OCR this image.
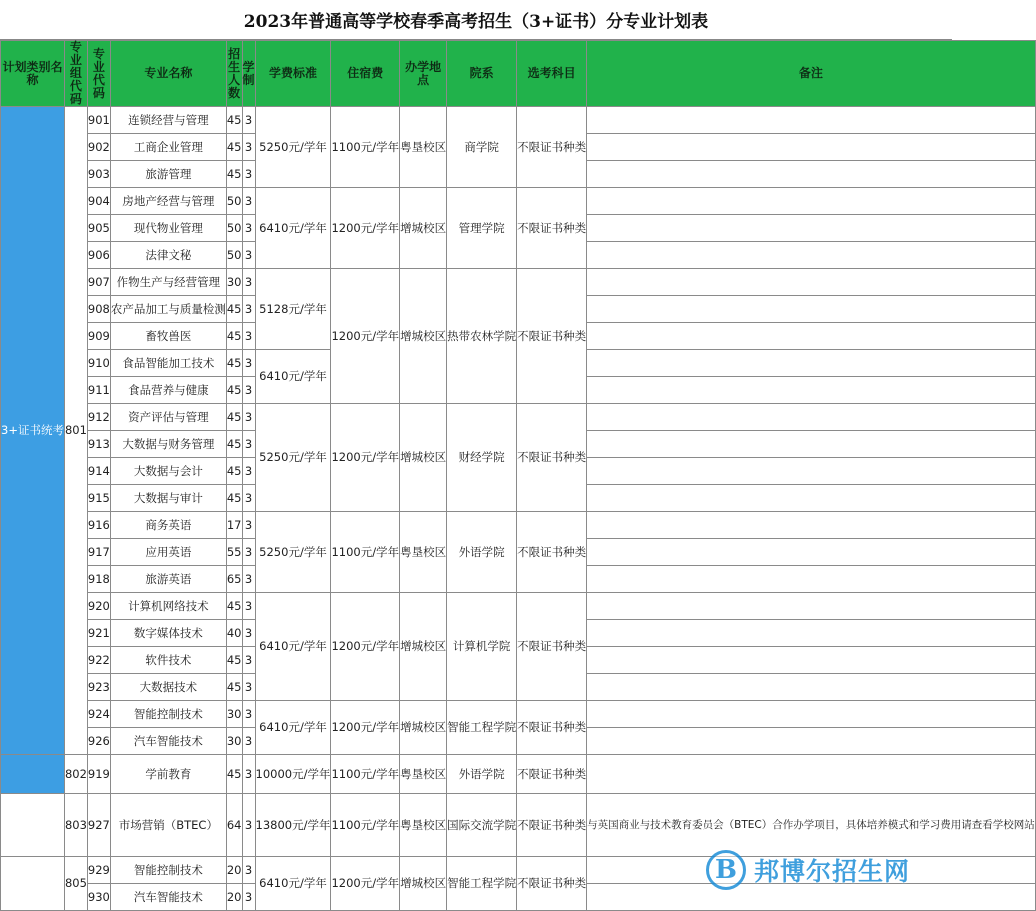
2023年普通高等学校春季高考招生（3+证书）分专业计划表
计划类别名称	专业组代码	专业代码	专业名称	招生人数	学制	学费标准	住宿费	办学地点	院系	选考科目	备注
3+证书统考	801	901	连锁经营与管理	45	3	5250元/学年	1100元/学年	粤垦校区	商学院	不限证书种类	
		902	工商企业管理	45	3						
		903	旅游管理	45	3						
		904	房地产经营与管理	50	3	6410元/学年	1200元/学年	增城校区	管理学院	不限证书种类	
		905	现代物业管理	50	3						
		906	法律文秘	50	3						
		907	作物生产与经营管理	30	3	5128元/学年	1200元/学年	增城校区	热带农林学院	不限证书种类	
		908	农产品加工与质量检测	45	3						
		909	畜牧兽医	45	3						
		910	食品智能加工技术	45	3	6410元/学年					
		911	食品营养与健康	45	3						
		912	资产评估与管理	45	3	5250元/学年	1200元/学年	增城校区	财经学院	不限证书种类	
		913	大数据与财务管理	45	3						
		914	大数据与会计	45	3						
		915	大数据与审计	45	3						
		916	商务英语	17	3	5250元/学年	1100元/学年	粤垦校区	外语学院	不限证书种类	
		917	应用英语	55	3						
		918	旅游英语	65	3						
		920	计算机网络技术	45	3	6410元/学年	1200元/学年	增城校区	计算机学院	不限证书种类	
		921	数字媒体技术	40	3						
		922	软件技术	45	3						
		923	大数据技术	45	3						
		924	智能控制技术	30	3	6410元/学年	1200元/学年	增城校区	智能工程学院	不限证书种类	
		926	汽车智能技术	30	3						
	802	919	学前教育	45	3	10000元/学年	1100元/学年	粤垦校区	外语学院	不限证书种类	
	803	927	市场营销（BTEC）	64	3	13800元/学年	1100元/学年	粤垦校区	国际交流学院	不限证书种类	与英国商业与技术教育委员会（BTEC）合作办学项目，具体培养模式和学习费用请查看学校网站
	805	929	智能控制技术	20	3	6410元/学年	1200元/学年	增城校区	智能工程学院	不限证书种类	
		930	汽车智能技术	20	3						
B 邦博尔招生网
